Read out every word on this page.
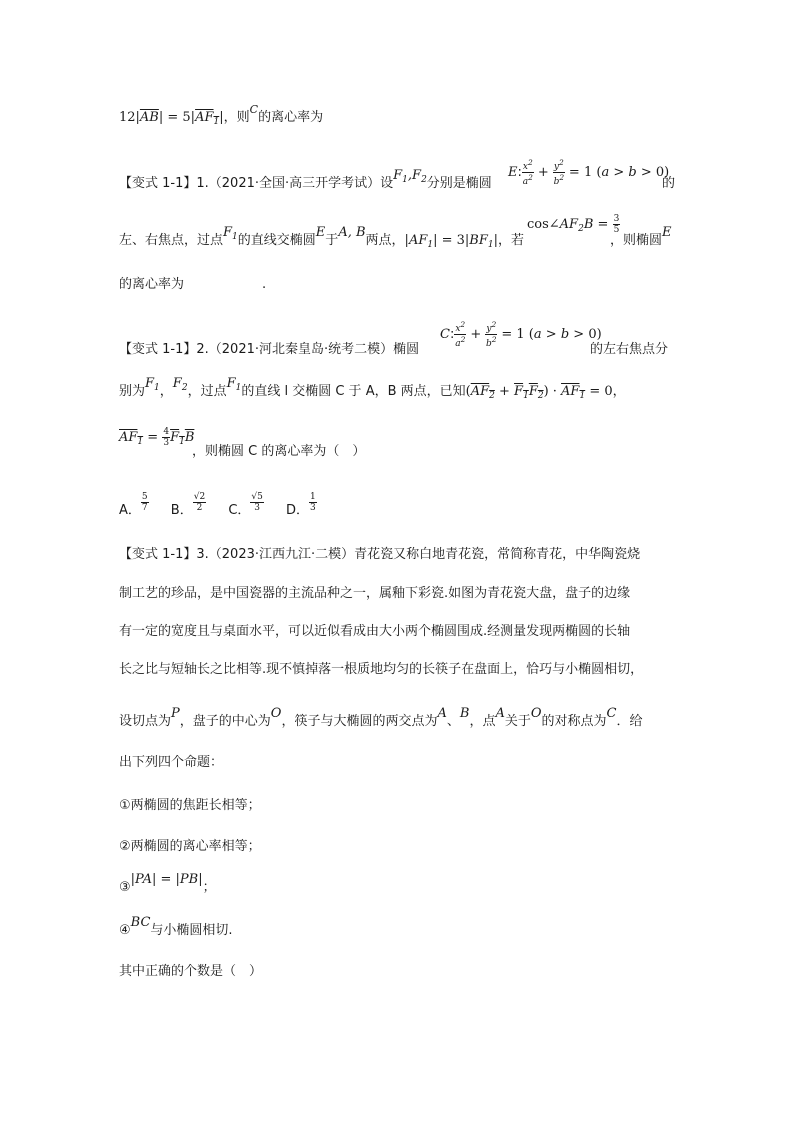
$12|\overline{AB}| = 5|AF_1|$，则$^C$的离心率为
【变式 1-1】1.（2021·全国·高三开学考试）设$F_1,F_2$分别是椭圆
E: $\frac{x^2}{a^2} + \frac{y^2}{b^2} = 1$ (a > b > 0)
的
左、右焦点，过点$F_1$的直线交椭圆E于A, B两点，$|AF_1| = 3|BF_1|$，若
$\cos\angle AF_2B = \frac{3}{5}$
，则椭圆E
的离心率为	.
【变式 1-1】2.（2021·河北秦皇岛·统考二模）椭圆
C: $\frac{x^2}{a^2} + \frac{y^2}{b^2} = 1$ (a > b > 0)
的左右焦点分
别为$F_1$，$F_2$，过点$F_1$的直线 l 交椭圆 C 于 A，B 两点，已知$(AF_2 + F_1F_2) \cdot AF_1 = 0$，
$AF_1 = \frac{4}{3} F_1B$
，则椭圆 C 的离心率为（　）
A． $\frac{5}{7}$ B． $\frac{√2}{2}$ C． $\frac{√5}{3}$ D． $\frac{1}{3}$
【变式 1-1】3.（2023·江西九江·二模）青花瓷又称白地青花瓷，常简称青花，中华陶瓷烧
制工艺的珍品，是中国瓷器的主流品种之一，属釉下彩瓷.如图为青花瓷大盘，盘子的边缘
有一定的宽度且与桌面水平，可以近似看成由大小两个椭圆围成.经测量发现两椭圆的长轴
长之比与短轴长之比相等.现不慎掉落一根质地均匀的长筷子在盘面上，恰巧与小椭圆相切，
设切点为P，盘子的中心为O，筷子与大椭圆的两交点为A、B，点A关于O的对称点为C．给
出下列四个命题：
①两椭圆的焦距长相等；
②两椭圆的离心率相等；
③|PA| = |PB|；
④BC与小椭圆相切.
其中正确的个数是（　）
